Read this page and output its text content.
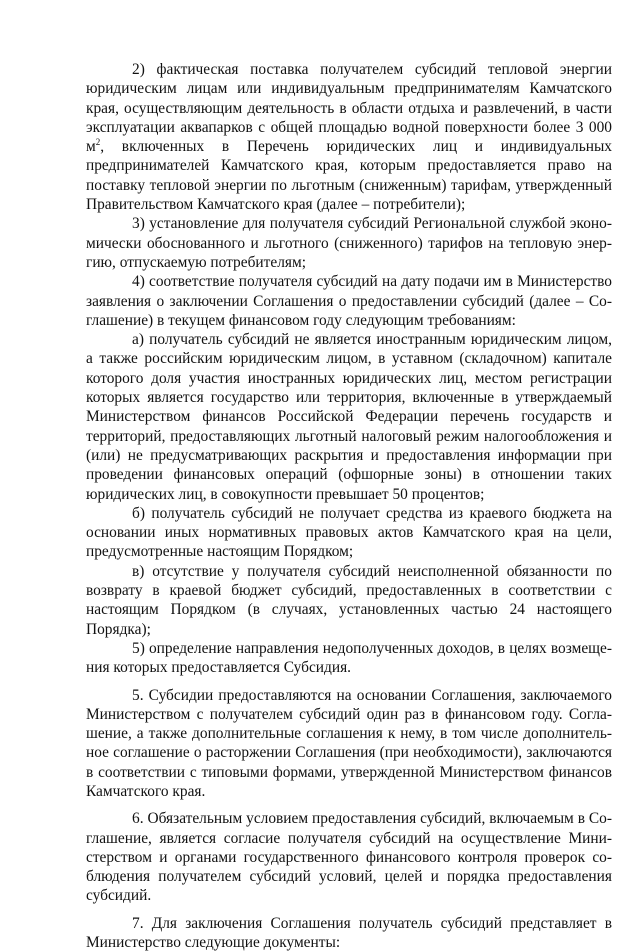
2) фактическая поставка получателем субсидий тепловой энергии юридическим лицам или индивидуальным предпринимателям Камчатского края, осуществляющим деятельность в области отдыха и развлечений, в части эксплуатации аквапарков с общей площадью водной поверхности более 3 000 $м^2$, включенных в Перечень юридических лиц и индивидуальных предпринимателей Камчатского края, которым предоставляется право на поставку тепловой энергии по льготным (сниженным) тарифам, утвержденный Правительством Камчатского края (далее – потребители);

3) установление для получателя субсидий Региональной службой экономически обоснованного и льготного (сниженного) тарифов на тепловую энергию, отпускаемую потребителям;

4) соответствие получателя субсидий на дату подачи им в Министерство заявления о заключении Соглашения о предоставлении субсидий (далее – Соглашение) в текущем финансовом году следующим требованиям:

а) получатель субсидий не является иностранным юридическим лицом, а также российским юридическим лицом, в уставном (складочном) капитале которого доля участия иностранных юридических лиц, местом регистрации которых является государство или территория, включенные в утверждаемый Министерством финансов Российской Федерации перечень государств и территорий, предоставляющих льготный налоговый режим налогообложения и (или) не предусматривающих раскрытия и предоставления информации при проведении финансовых операций (офшорные зоны) в отношении таких юридических лиц, в совокупности превышает 50 процентов;

б) получатель субсидий не получает средства из краевого бюджета на основании иных нормативных правовых актов Камчатского края на цели, предусмотренные настоящим Порядком;

в) отсутствие у получателя субсидий неисполненной обязанности по возврату в краевой бюджет субсидий, предоставленных в соответствии с настоящим Порядком (в случаях, установленных частью 24 настоящего Порядка);

5) определение направления недополученных доходов, в целях возмещения которых предоставляется Субсидия.

5. Субсидии предоставляются на основании Соглашения, заключаемого Министерством с получателем субсидий один раз в финансовом году. Соглашение, а также дополнительные соглашения к нему, в том числе дополнительное соглашение о расторжении Соглашения (при необходимости), заключаются в соответствии с типовыми формами, утвержденной Министерством финансов Камчатского края.

6. Обязательным условием предоставления субсидий, включаемым в Соглашение, является согласие получателя субсидий на осуществление Министерством и органами государственного финансового контроля проверок соблюдения получателем субсидий условий, целей и порядка предоставления субсидий.

7. Для заключения Соглашения получатель субсидий представляет в Министерство следующие документы:
